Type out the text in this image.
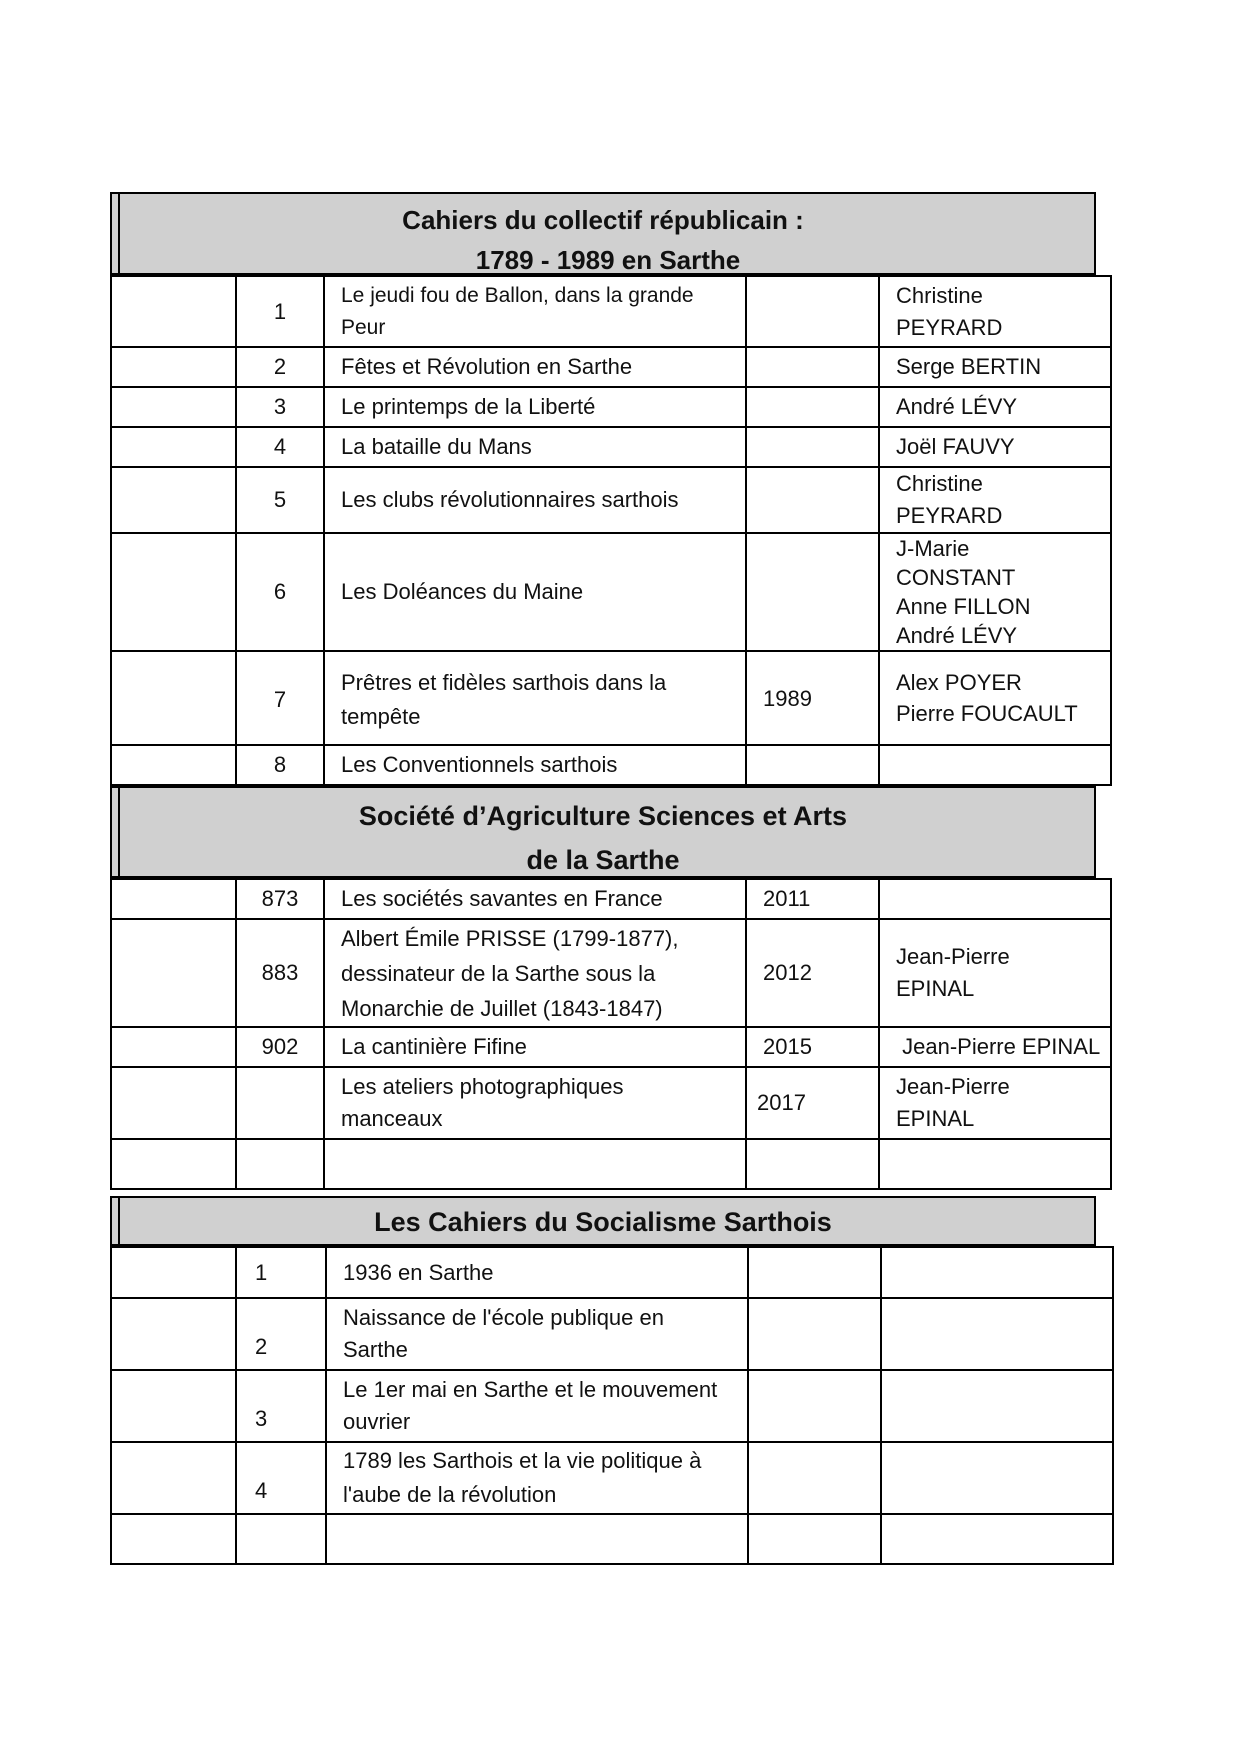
Cahiers du collectif républicain :
1789 - 1989 en Sarthe
	1	Le jeudi fou de Ballon, dans la grande Peur		Christine PEYRARD
	2	Fêtes et Révolution en Sarthe		Serge BERTIN
	3	Le printemps de la Liberté		André LÉVY
	4	La bataille du Mans		Joël FAUVY
	5	Les clubs révolutionnaires sarthois		Christine PEYRARD
	6	Les Doléances du Maine		J-Marie CONSTANT
Anne FILLON
André LÉVY
	7	Prêtres et fidèles sarthois dans la tempête	1989	Alex POYER
Pierre FOUCAULT
	8	Les Conventionnels sarthois		
Société d’Agriculture Sciences et Arts
de la Sarthe
	873	Les sociétés savantes en France	2011	
	883	Albert Émile PRISSE (1799-1877), dessinateur de la Sarthe sous la Monarchie de Juillet (1843-1847)	2012	Jean-Pierre EPINAL
	902	La cantinière Fifine	2015	Jean-Pierre EPINAL
		Les ateliers photographiques manceaux	2017	Jean-Pierre EPINAL

Les Cahiers du Socialisme Sarthois
	1	1936 en Sarthe		
	2	Naissance de l'école publique en Sarthe		
	3	Le 1er mai en Sarthe et le mouvement ouvrier		
	4	1789 les Sarthois et la vie politique à l'aube de la révolution		
